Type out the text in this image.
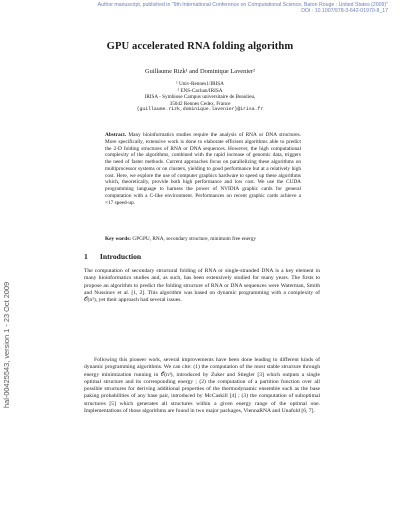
Author manuscript, published in "9th International Conference on Computational Science, Baton Rouge : United States (2009)"
DOI : 10.1007/978-3-642-01970-8_17
hal-00425543, version 1 - 23 Oct 2009
GPU accelerated RNA folding algorithm
Guillaume Rizk¹ and Dominique Lavenier²
¹ Univ-Rennes1/IRISA
² ENS-Cachan/IRISA
IRISA - Symbiose Campus universitaire de Beaulieu,
35042 Rennes Cedex, France
{guillaume.rizk,dominique.lavenier}@irisa.fr
Abstract. Many bioinformatics studies require the analysis of RNA or DNA structures. More specifically, extensive work is done to elaborate efficient algorithms able to predict the 2-D folding structures of RNA or DNA sequences. However, the high computational complexity of the algorithms, combined with the rapid increase of genomic data, triggers the need of faster methods. Current approaches focus on parallelizing these algorithms on multiprocessor systems or on clusters, yielding to good performance but at a relatively high cost. Here, we explore the use of computer graphics hardware to speed up these algorithms which, theoretically, provide both high performance and low cost. We use the CUDA programming language to harness the power of NVIDIA graphic cards for general computation with a C-like environment. Performances on recent graphic cards achieve a ×17 speed-up.
Key words: GPGPU, RNA, secondary structure, minimum free energy
1 Introduction
The computation of secondary structural folding of RNA or single-stranded DNA is a key element in many bioinformatics studies and, as such, has been extensively studied for many years. The firsts to propose an algorithm to predict the folding structure of RNA or DNA sequences were Waterman, Smith and Nussinov et al. [1, 2]. This algorithm was based on dynamic programming with a complexity of 𝒪(n³), yet their approach had several issues.
Following this pioneer work, several improvements have been done leading to different kinds of dynamic programming algorithms. We can cite: (1) the computation of the most stable structure through energy minimization running in 𝒪(n³), introduced by Zuker and Stiegler [3] which outputs a single optimal structure and its corresponding energy ; (2) the computation of a partition function over all possible structures for deriving additional properties of the thermodynamic ensemble such as the base paking probabilities of any base pair, introduced by McCaskill [4] ; (3) the computation of suboptimal structures [5] which generates all structures within a given energy range of the optimal one. Implementations of those algorithms are found in two major packages, ViennaRNA and Unafold [6, 7].
